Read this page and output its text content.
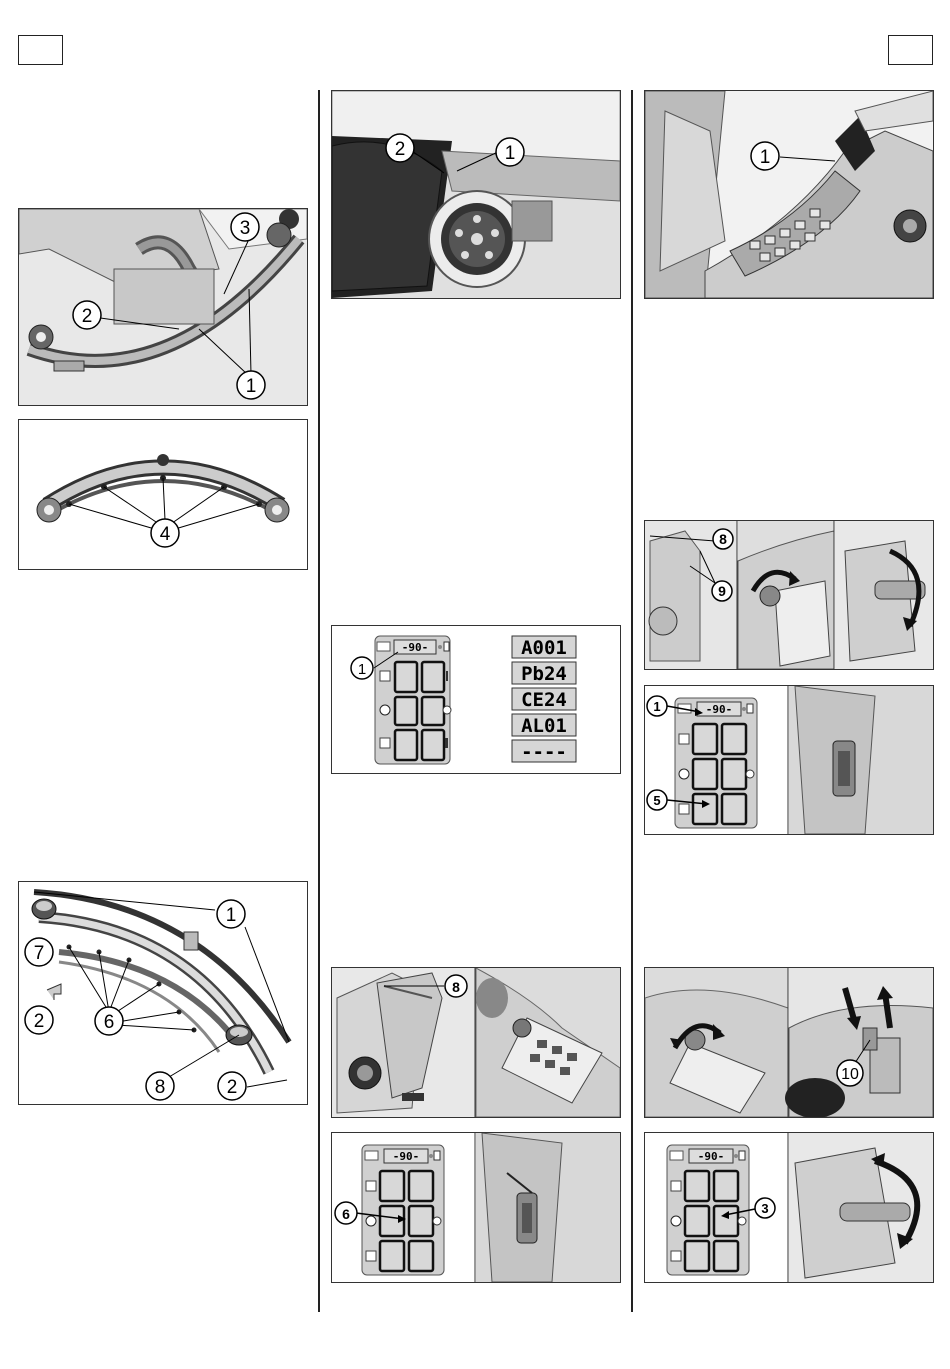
3
2
1
4
1
7
2	6
8	2
2	1
-90-
1
A001
Pb24
CE24
AL01
----
8
-90-
6
1
8
9
-90-
1
5
10
-90-
3
